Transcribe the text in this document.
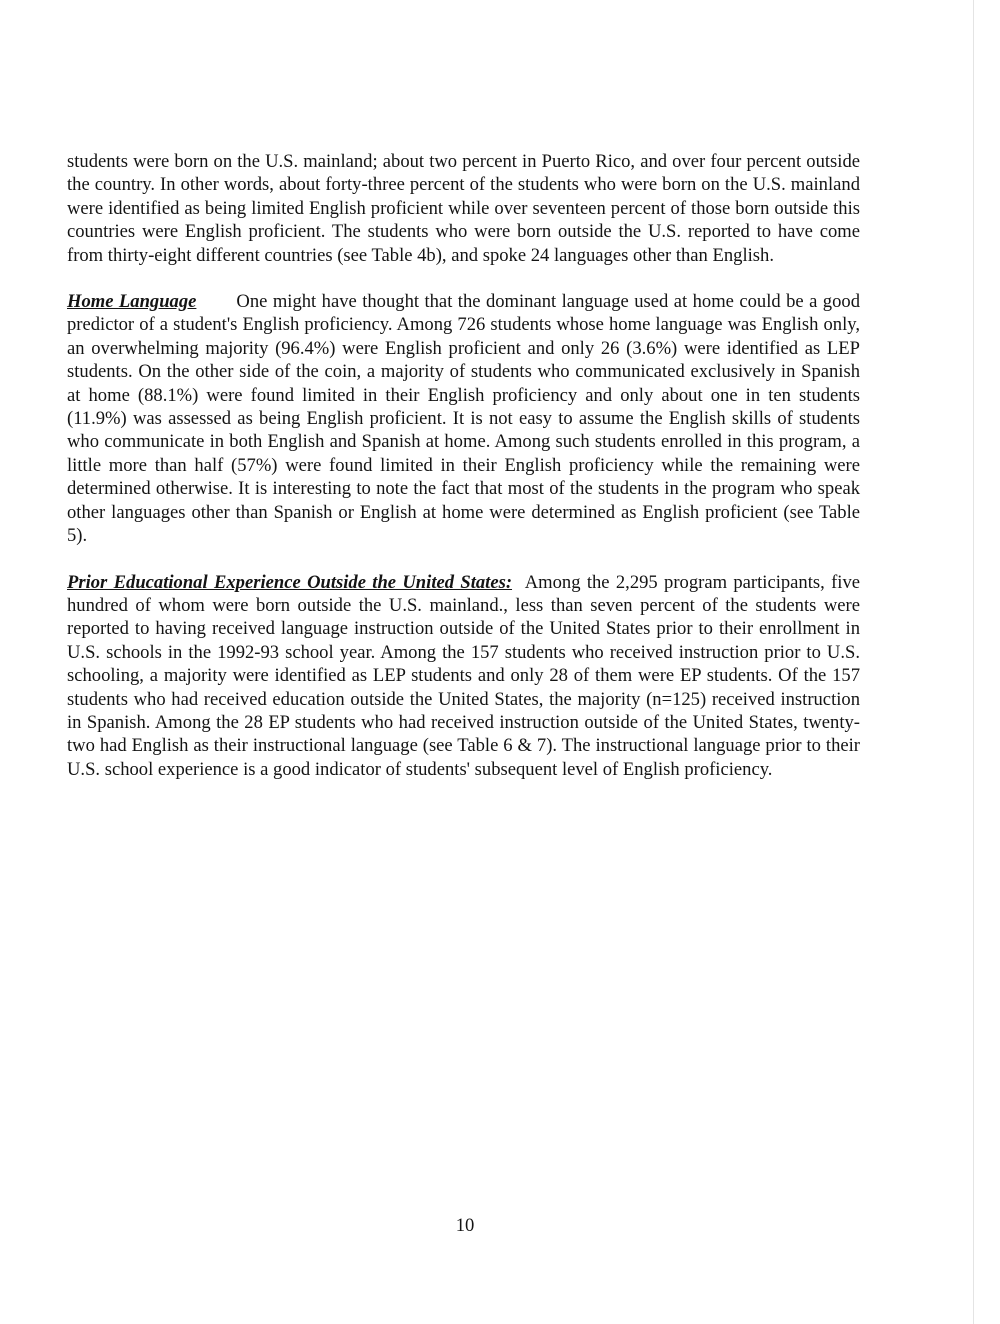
students were born on the U.S. mainland; about two percent in Puerto Rico, and over four percent outside the country. In other words, about forty-three percent of the students who were born on the U.S. mainland were identified as being limited English proficient while over seventeen percent of those born outside this countries were English proficient. The students who were born outside the U.S. reported to have come from thirty-eight different countries (see Table 4b), and spoke 24 languages other than English.

Home Language One might have thought that the dominant language used at home could be a good predictor of a student's English proficiency. Among 726 students whose home language was English only, an overwhelming majority (96.4%) were English proficient and only 26 (3.6%) were identified as LEP students. On the other side of the coin, a majority of students who communicated exclusively in Spanish at home (88.1%) were found limited in their English proficiency and only about one in ten students (11.9%) was assessed as being English proficient. It is not easy to assume the English skills of students who communicate in both English and Spanish at home. Among such students enrolled in this program, a little more than half (57%) were found limited in their English proficiency while the remaining were determined otherwise. It is interesting to note the fact that most of the students in the program who speak other languages other than Spanish or English at home were determined as English proficient (see Table 5).

Prior Educational Experience Outside the United States: Among the 2,295 program participants, five hundred of whom were born outside the U.S. mainland., less than seven percent of the students were reported to having received language instruction outside of the United States prior to their enrollment in U.S. schools in the 1992-93 school year. Among the 157 students who received instruction prior to U.S. schooling, a majority were identified as LEP students and only 28 of them were EP students. Of the 157 students who had received education outside the United States, the majority (n=125) received instruction in Spanish. Among the 28 EP students who had received instruction outside of the United States, twenty-two had English as their instructional language (see Table 6 & 7). The instructional language prior to their U.S. school experience is a good indicator of students' subsequent level of English proficiency.

10
